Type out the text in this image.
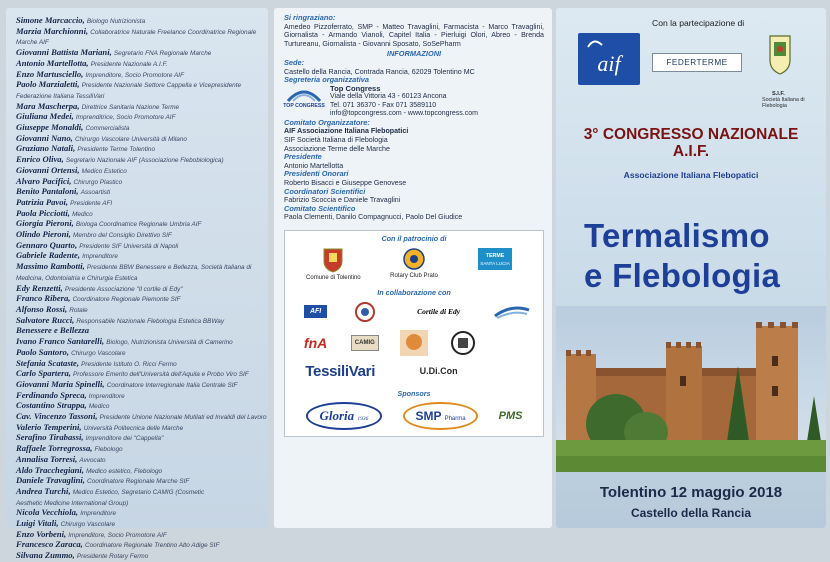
Simone Marcaccio, Biologo Nutrizionista
Marzia Marchionni, Collaboratrice Naturale Freelance Coordinatrice Regionale
Marche AIF
Giovanni Battista Mariani, Segretario FNA Regionale Marche
Antonio Martellotta, Presidente Nazionale A.I.F.
Enzo Martusciello, Imprenditore, Socio Promotore AIF
Paolo Marzialetti, Presidente Nazionale Settore Cappella e Vicepresidente
Federazione Italiana TessiliVari
Mara Mascherpa, Direttrice Sanitaria Nazione Terme
Giuliana Medei, Imprenditrice, Socio Promotore AIF
Giuseppe Monaldi, Commercialista
Giovanni Nano, Chirurgo Vascolare Università di Milano
Graziano Natali, Presidente Terme Tolentino
Enrico Oliva, Segretario Nazionale AIF (Associazione Flebobiologica)
Giovanni Ortensi, Medico Estetico
Alvaro Pacifici, Chirurgo Plastico
Benito Pantaloni, Assoartisti
Patrizia Pavoi, Presidente AFI
Paola Picciotti, Medico
Giorgia Pieroni, Biologa Coordinatrice Regionale Umbria AIF
Olindo Pieroni, Membro del Consiglio Direttivo SIF
Gennaro Quarto, Presidente SIF Università di Napoli
Gabriele Radente, Imprenditore
Massimo Rambotti, Presidente BBW Benessere e Bellezza, Società Italiana di
Medicina, Odontoiatria e Chirurgia Estetica
Edy Renzetti, Presidente Associazione "Il cortile di Edy"
Franco Ribera, Coordinatore Regionale Piemonte SIF
Alfonso Rossi, Rotale
Salvatore Rucci, Responsabile Nazionale Flebologia Estetica BBWay
Benessere e Bellezza
Ivano Franco Santarelli, Biologo, Nutrizionista Università di Camerino
Paolo Santoro, Chirurgo Vascolare
Stefania Scataste, Presidente Istituto O. Ricci Fermo
Carlo Spartera, Professore Emerito dell'Università dell'Aquila e Probo Viro SIF
Giovanni Maria Spinelli, Coordinatore Interregionale Italia Centrale SIF
Ferdinando Spreca, Imprenditore
Costantino Strappa, Medico
Cav. Vincenzo Tassoni, Presidente Unione Nazionale Mutilati ed Invalidi del Lavoro
Valerio Temperini, Università Politecnica delle Marche
Serafino Tirabassi, Imprenditore dei "Cappella"
Raffaele Torregrossa, Flebologo
Annalisa Torresi, Avvocato
Aldo Tracchegiani, Medico estetico, Flebologo
Daniele Travaglini, Coordinatore Regionale Marche SIF
Andrea Turchi, Medico Estetico, Segretario CAMIG (Cosmetic
Aesthetic Medicine International Group)
Nicola Vecchiola, Imprenditore
Luigi Vitali, Chirurgo Vascolare
Enzo Vorbeni, Imprenditore, Socio Promotore AIF
Francesco Zaraca, Coordinatore Regionale Trentino Alto Adige SIF
Silvana Zummo, Presidente Rotary Fermo
Si ringraziano:
Amedeo Pizzoferrato, SMP - Matteo Travaglini, Farmacista - Marco Travaglini, Giornalista - Armando Vianoli, Capitel Italia - Pierluigi Olori, Abreo - Brenda Turtureanu, Giornalista - Giovanni Sposato, SoSePharm
INFORMAZIONI
Sede:
Castello della Rancia, Contrada Rancia, 62029 Tolentino MC
Segreteria organizzativa
TOP CONGRESS
Top Congress
Viale della Vittoria 43 - 60123 Ancona
Tel. 071 36370 - Fax 071 3589110
info@topcongress.com - www.topcongress.com
Comitato Organizzatore:
AIF Associazione Italiana Flebopatici
SIF Società Italiana di Flebologia
Associazione Terme delle Marche
Presidente
Antonio Martellotta
Presidenti Onorari
Roberto Bisacci e Giuseppe Genovese
Coordinatori Scientifici
Fabrizio Scoccia e Daniele Travaglini
Comitato Scientifico
Paola Clementi, Danilo Compagnucci, Paolo Del Giudice
Con il patrocinio di
Comune di Tolentino	Rotary Club Prato
TERME
SANTA LUCIA
In collaborazione con
AFI	Cortile di Edy
fnA	CAMIG
TessiliVari	U.Di.Con
Sponsors
Gloria 1936	SMP Pharma	PMS
Con la partecipazione di
aif	FEDERTERME
S.I.F.
Società Italiana di Flebologia
3° CONGRESSO NAZIONALE
A.I.F.
Associazione Italiana Flebopatici
Termalismo
e Flebologia
Tolentino 12 maggio 2018
Castello della Rancia
